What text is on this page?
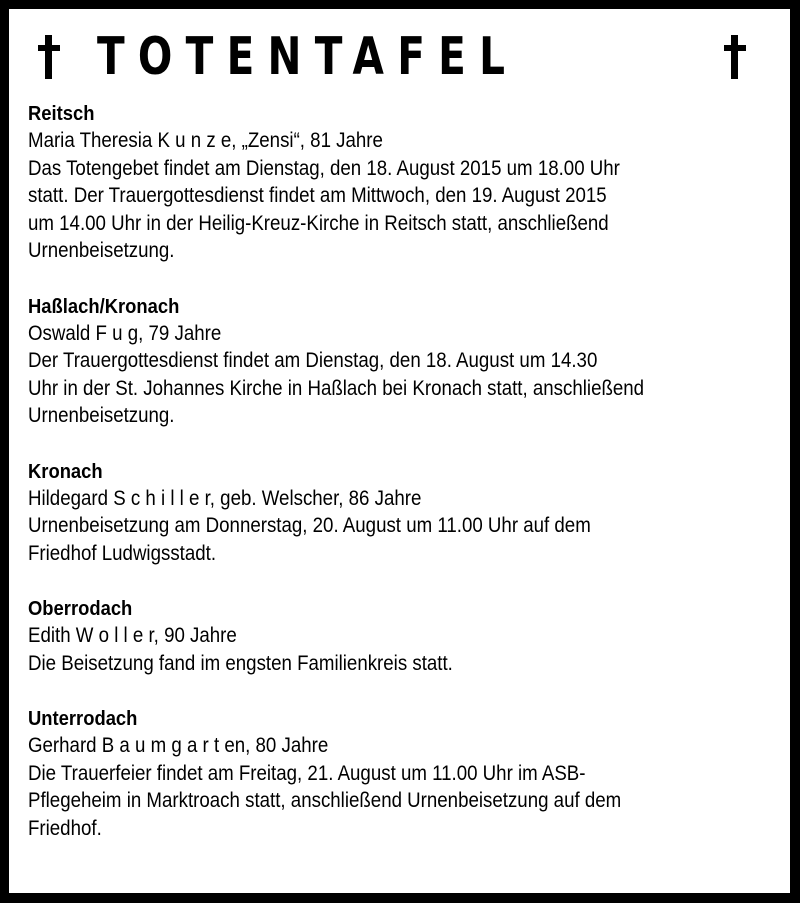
TOTENTAFEL
Reitsch
Maria Theresia K u n z e, „Zensi“, 81 Jahre
Das Totengebet findet am Dienstag, den 18. August 2015 um 18.00 Uhr
statt. Der Trauergottesdienst findet am Mittwoch, den 19. August 2015
um 14.00 Uhr in der Heilig-Kreuz-Kirche in Reitsch statt, anschließend
Urnenbeisetzung.
Haßlach/Kronach
Oswald F u g, 79 Jahre
Der Trauergottesdienst findet am Dienstag, den 18. August um 14.30
Uhr in der St. Johannes Kirche in Haßlach bei Kronach statt, anschließend
Urnenbeisetzung.
Kronach
Hildegard S c h i l l e r, geb. Welscher, 86 Jahre
Urnenbeisetzung am Donnerstag, 20. August um 11.00 Uhr auf dem
Friedhof Ludwigsstadt.
Oberrodach
Edith W o l l e r, 90 Jahre
Die Beisetzung fand im engsten Familienkreis statt.
Unterrodach
Gerhard B a u m g a r t en, 80 Jahre
Die Trauerfeier findet am Freitag, 21. August um 11.00 Uhr im ASB-
Pflegeheim in Marktroach statt, anschließend Urnenbeisetzung auf dem
Friedhof.
